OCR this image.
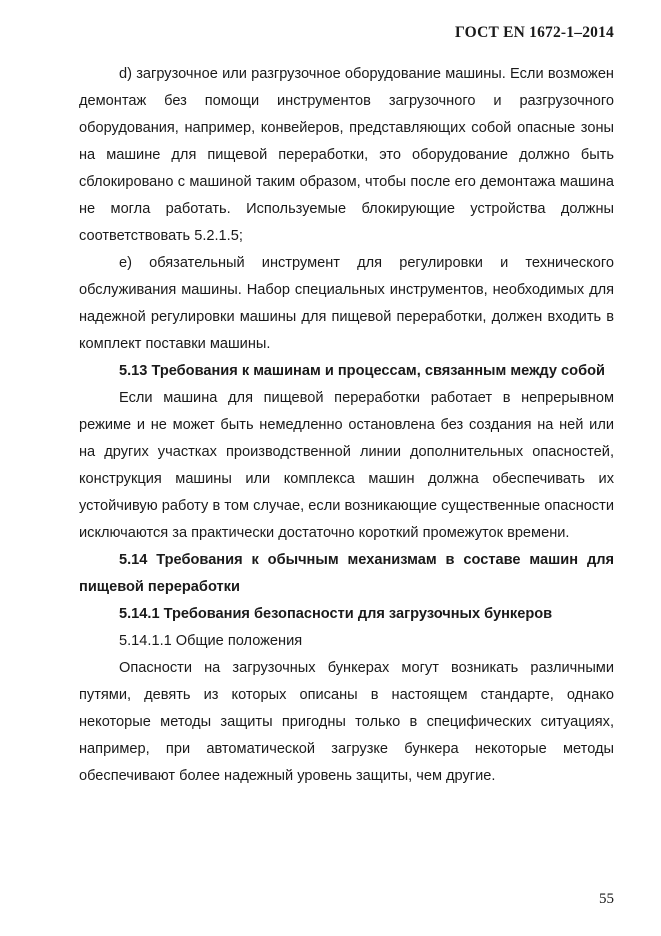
ГОСТ EN 1672-1–2014

d) загрузочное или разгрузочное оборудование машины. Если возможен демонтаж без помощи инструментов загрузочного и разгрузочного оборудования, например, конвейеров, представляющих собой опасные зоны на машине для пищевой переработки, это оборудование должно быть сблокировано с машиной таким образом, чтобы после его демонтажа машина не могла работать. Используемые блокирующие устройства должны соответствовать 5.2.1.5;

e) обязательный инструмент для регулировки и технического обслуживания машины. Набор специальных инструментов, необходимых для надежной регулировки машины для пищевой переработки, должен входить в комплект поставки машины.

5.13 Требования к машинам и процессам, связанным между собой

Если машина для пищевой переработки работает в непрерывном режиме и не может быть немедленно остановлена без создания на ней или на других участках производственной линии дополнительных опасностей, конструкция машины или комплекса машин должна обеспечивать их устойчивую работу в том случае, если возникающие существенные опасности исключаются за практически достаточно короткий промежуток времени.

5.14 Требования к обычным механизмам в составе машин для пищевой переработки

5.14.1 Требования безопасности для загрузочных бункеров

5.14.1.1 Общие положения

Опасности на загрузочных бункерах могут возникать различными путями, девять из которых описаны в настоящем стандарте, однако некоторые методы защиты пригодны только в специфических ситуациях, например, при автоматической загрузке бункера некоторые методы обеспечивают более надежный уровень защиты, чем другие.

55
